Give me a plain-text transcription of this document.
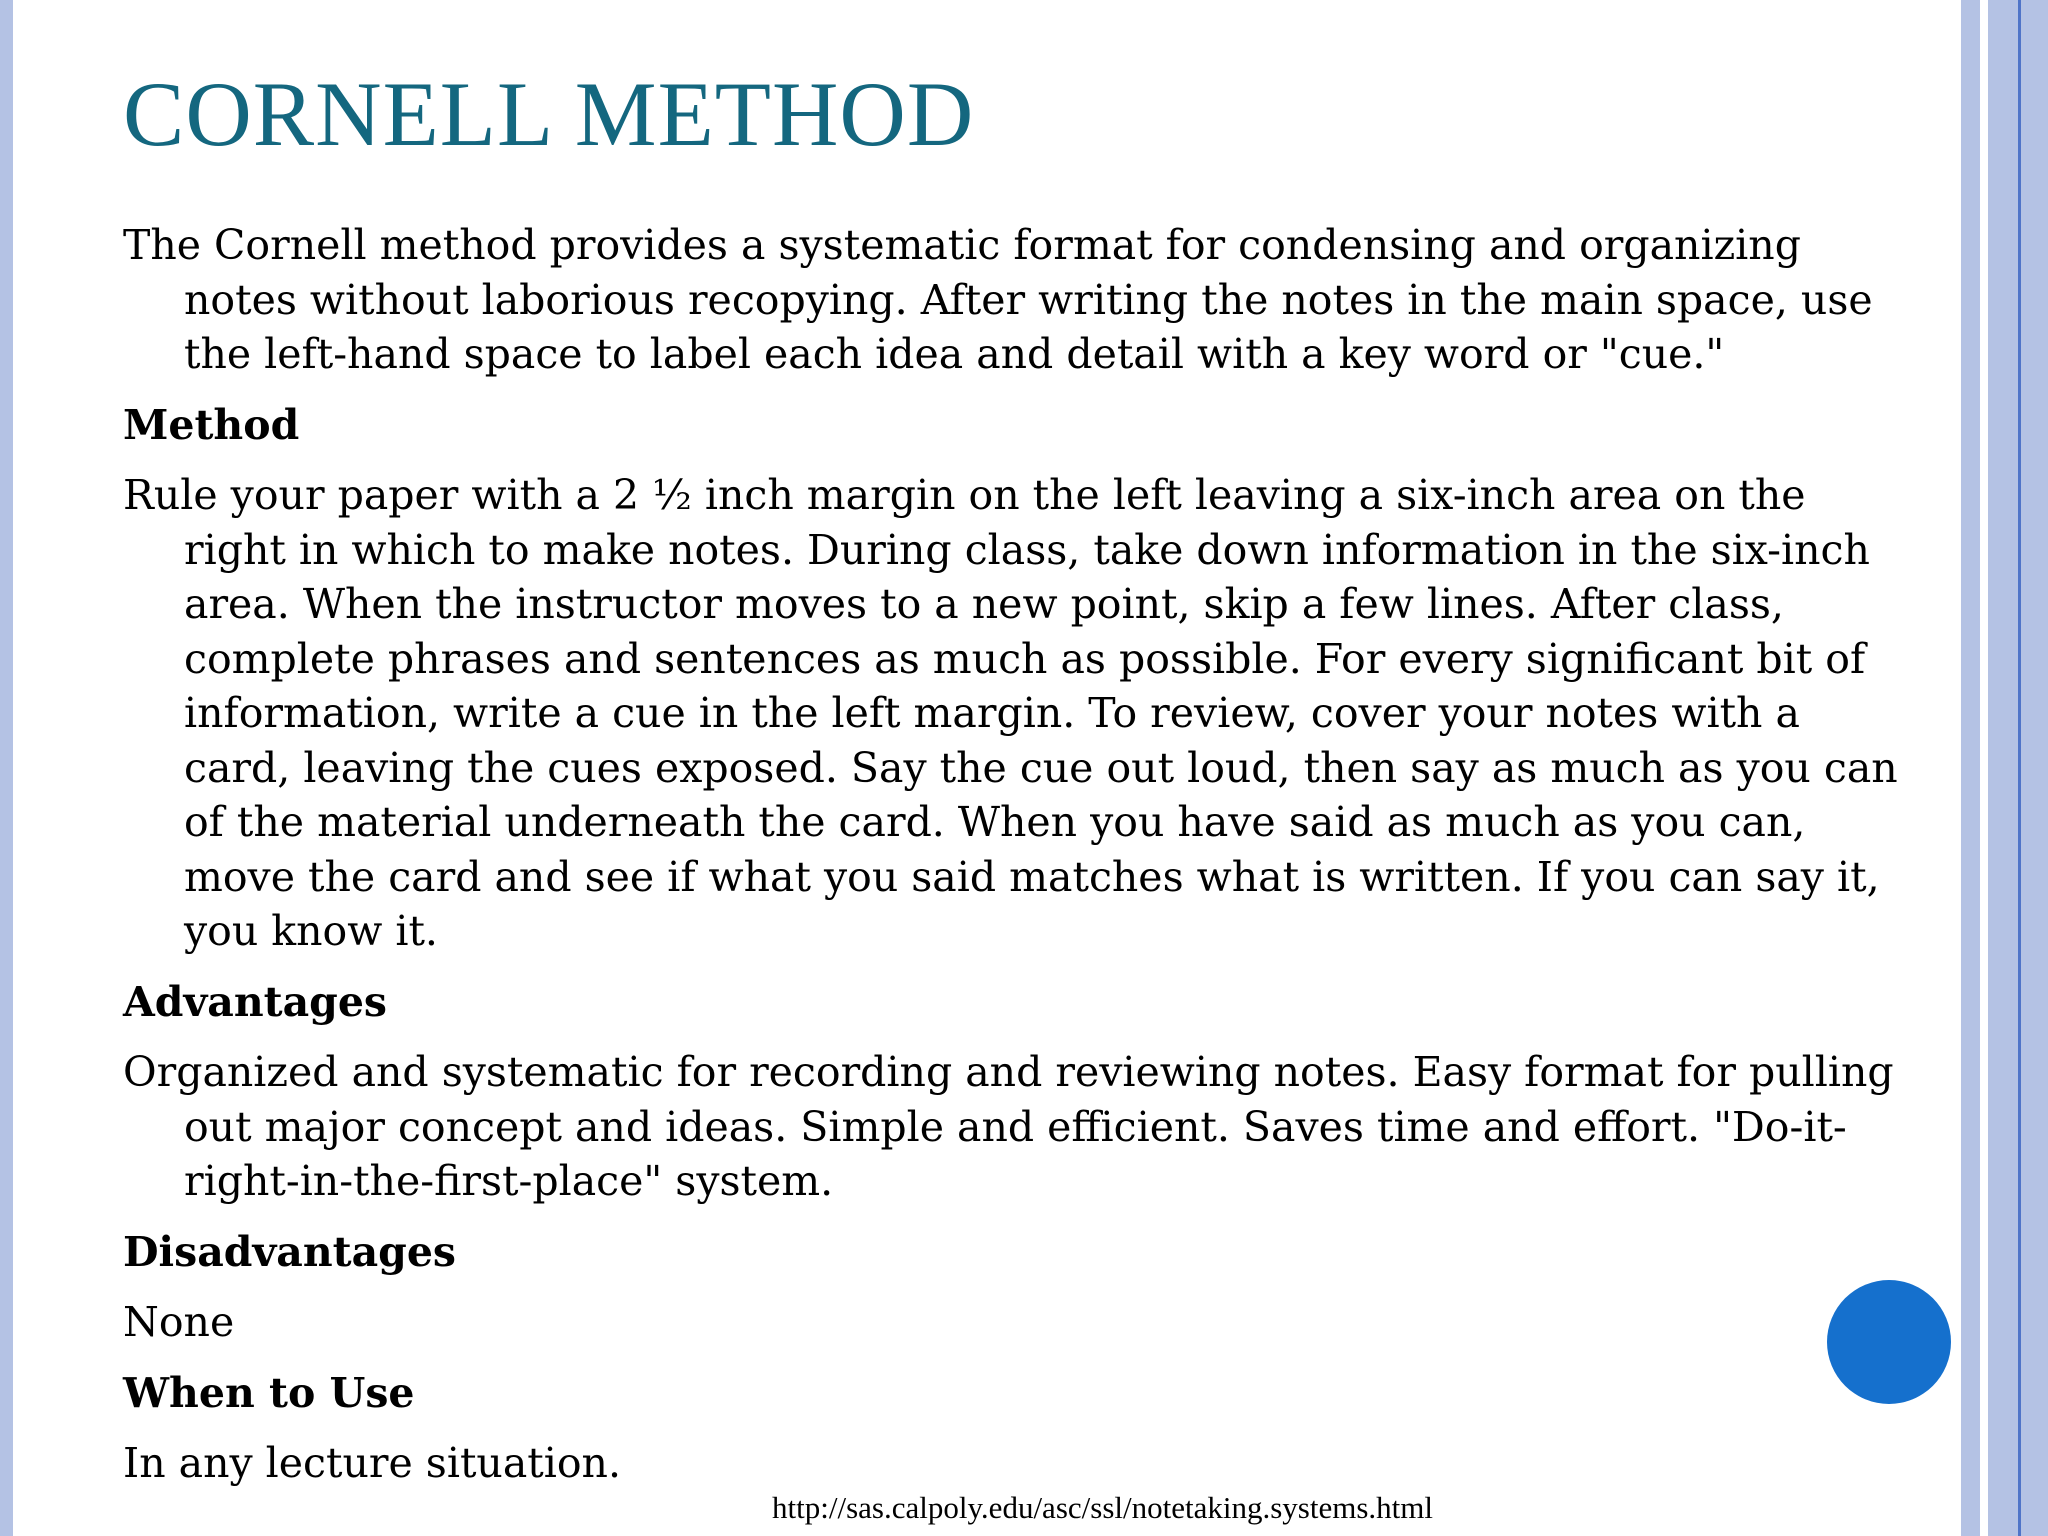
CORNELL METHOD

The Cornell method provides a systematic format for condensing and organizing notes without laborious recopying. After writing the notes in the main space, use the left-hand space to label each idea and detail with a key word or "cue."

Method

Rule your paper with a 2 ½ inch margin on the left leaving a six-inch area on the right in which to make notes. During class, take down information in the six-inch area. When the instructor moves to a new point, skip a few lines. After class, complete phrases and sentences as much as possible. For every significant bit of information, write a cue in the left margin. To review, cover your notes with a card, leaving the cues exposed. Say the cue out loud, then say as much as you can of the material underneath the card. When you have said as much as you can, move the card and see if what you said matches what is written. If you can say it, you know it.

Advantages

Organized and systematic for recording and reviewing notes. Easy format for pulling out major concept and ideas. Simple and efficient. Saves time and effort. "Do-it-right-in-the-first-place" system.

Disadvantages

None

When to Use

In any lecture situation.

http://sas.calpoly.edu/asc/ssl/notetaking.systems.html
